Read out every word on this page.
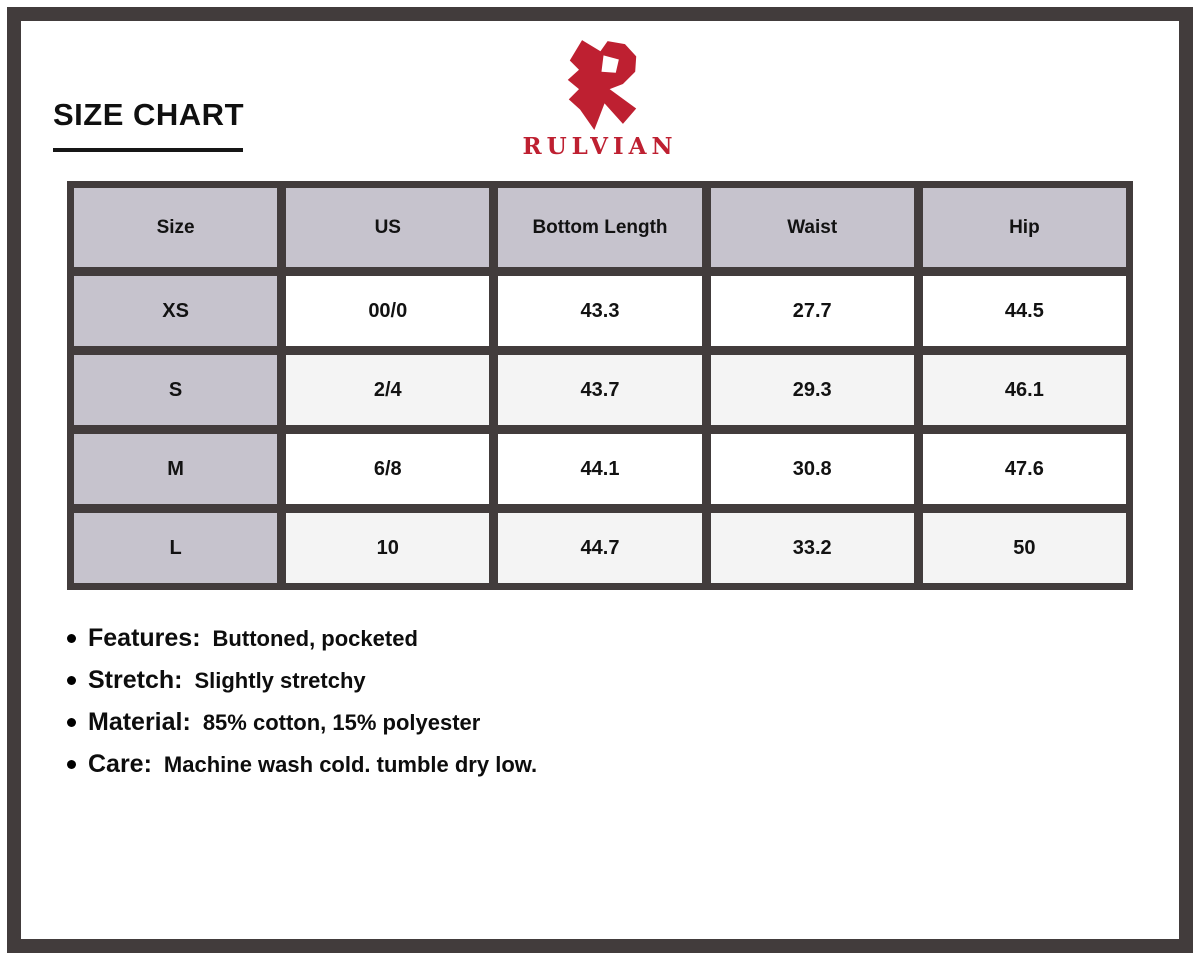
SIZE CHART
RULVIAN
Size	US	Bottom Length	Waist	Hip
XS	00/0	43.3	27.7	44.5
S	2/4	43.7	29.3	46.1
M	6/8	44.1	30.8	47.6
L	10	44.7	33.2	50
Features: Buttoned, pocketed
Stretch: Slightly stretchy
Material: 85% cotton, 15% polyester
Care: Machine wash cold. tumble dry low.
